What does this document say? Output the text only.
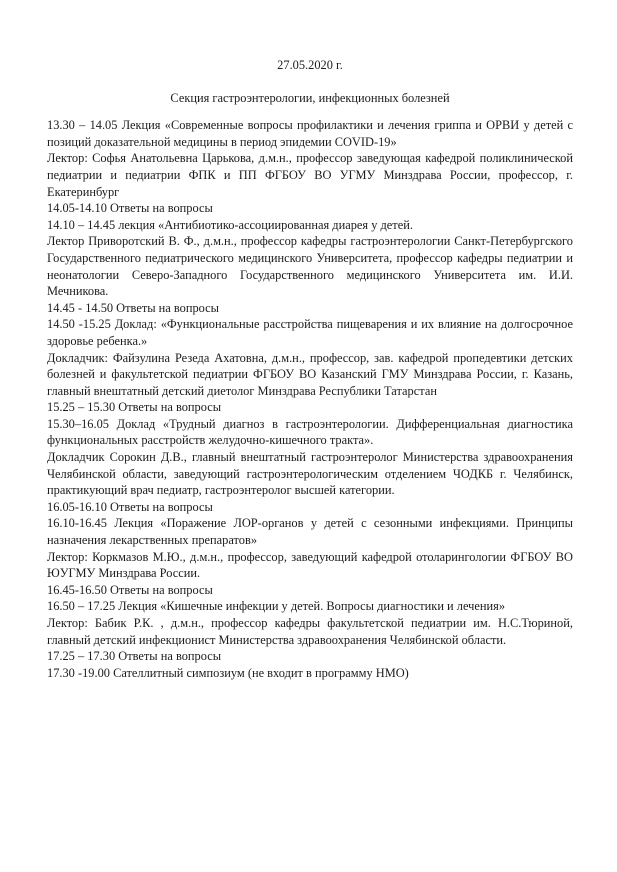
27.05.2020 г.

Секция гастроэнтерологии, инфекционных болезней

13.30 – 14.05 Лекция «Современные вопросы профилактики и лечения гриппа и ОРВИ у детей с позиций доказательной медицины в период эпидемии COVID-19»

Лектор: Софья Анатольевна Царькова, д.м.н., профессор заведующая кафедрой поликлинической педиатрии и педиатрии ФПК и ПП ФГБОУ ВО УГМУ Минздрава России, профессор, г. Екатеринбург

14.05-14.10 Ответы на вопросы

14.10 – 14.45 лекция «Антибиотико-ассоциированная диарея у детей.

Лектор Приворотский В. Ф., д.м.н., профессор кафедры гастроэнтерологии Санкт-Петербургского Государственного педиатрического медицинского Университета, профессор кафедры педиатрии и неонатологии Северо-Западного Государственного медицинского Университета им. И.И. Мечникова.

14.45 - 14.50 Ответы на вопросы

14.50 -15.25 Доклад: «Функциональные расстройства пищеварения и их влияние на долгосрочное здоровье ребенка.»

Докладчик: Файзулина Резеда Ахатовна, д.м.н., профессор, зав. кафедрой пропедевтики детских болезней и факультетской педиатрии ФГБОУ ВО Казанский ГМУ Минздрава России, г. Казань, главный внештатный детский диетолог Минздрава Республики Татарстан

15.25 – 15.30 Ответы на вопросы

15.30–16.05 Доклад «Трудный диагноз в гастроэнтерологии. Дифференциальная диагностика функциональных расстройств желудочно-кишечного тракта».

Докладчик Сорокин Д.В., главный внештатный гастроэнтеролог Министерства здравоохранения Челябинской области, заведующий гастроэнтерологическим отделением ЧОДКБ г. Челябинск, практикующий врач педиатр, гастроэнтеролог высшей категории.

16.05-16.10 Ответы на вопросы

16.10-16.45 Лекция «Поражение ЛОР-органов у детей с сезонными инфекциями. Принципы назначения лекарственных препаратов»

Лектор: Коркмазов М.Ю., д.м.н., профессор, заведующий кафедрой отоларингологии ФГБОУ ВО ЮУГМУ Минздрава России.

16.45-16.50 Ответы на вопросы

16.50 – 17.25 Лекция «Кишечные инфекции у детей. Вопросы диагностики и лечения»

Лектор: Бабик Р.К. , д.м.н., профессор кафедры факультетской педиатрии им. Н.С.Тюриной, главный детский инфекционист Министерства здравоохранения Челябинской области.

17.25 – 17.30 Ответы на вопросы

17.30 -19.00 Сателлитный симпозиум (не входит в программу НМО)
